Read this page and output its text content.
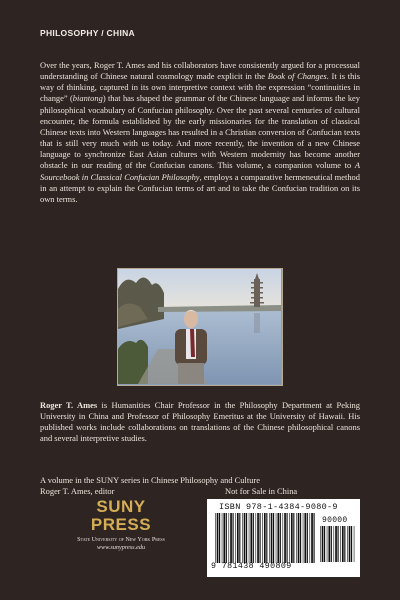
PHILOSOPHY / CHINA

Over the years, Roger T. Ames and his collaborators have consistently argued for a processual understanding of Chinese natural cosmology made explicit in the Book of Changes. It is this way of thinking, captured in its own interpretive context with the expression “continuities in change” (biantong) that has shaped the grammar of the Chinese language and informs the key philosophical vocabulary of Confucian philosophy. Over the past several centuries of cultural encounter, the formula established by the early missionaries for the translation of classical Chinese texts into Western languages has resulted in a Christian conversion of Confucian texts that is still very much with us today. And more recently, the invention of a new Chinese language to synchronize East Asian cultures with Western modernity has become another obstacle in our reading of the Confucian canons. This volume, a companion volume to A Sourcebook in Classical Confucian Philosophy, employs a comparative hermeneutical method in an attempt to explain the Confucian terms of art and to take the Confucian tradition on its own terms.

Roger T. Ames is Humanities Chair Professor in the Philosophy Department at Peking University in China and Professor of Philosophy Emeritus at the University of Hawaii. His published works include collaborations on translations of the Chinese philosophical canons and several interpretive studies.

A volume in the SUNY series in Chinese Philosophy and Culture
Roger T. Ames, editor	Not for Sale in China
SUNY
PRESS
State University of New York Press
www.sunypress.edu
ISBN 978-1-4384-9080-9
90000
9 781438 490809
